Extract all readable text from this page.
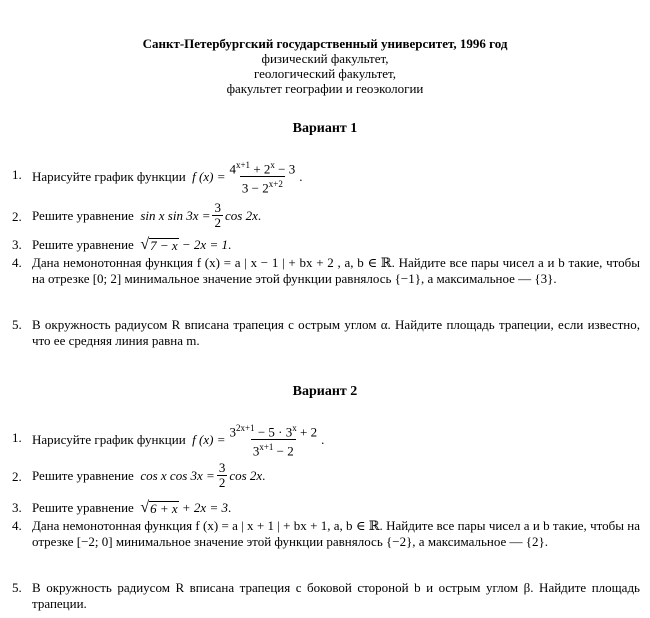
Санкт-Петербургский государственный университет, 1996 год
физический факультет,
геологический факультет,
факультет географии и геоэкологии
Вариант 1
1. Нарисуйте график функции
f $(x) = \frac{4^{x+1} + 2^x - 3}{3 - 2^{x+2}}$ .
2. Решите уравнение
sin x $\sin 3x = \frac{3}{2}$ cos 2x .
3. Решите уравнение
√ 7 − x
− 2x = 1 .
4. Дана немонотонная функция f (x) = a | x − 1 | + bx + 2 , a, b ∈ ℝ. Найдите все пары чисел a и b такие, чтобы на отрезке [0; 2] минимальное значение этой функции равнялось {−1}, а максимальное — {3}.
5. В окружность радиусом R вписана трапеция с острым углом α. Найдите площадь трапеции, если известно, что ее средняя линия равна m.
Вариант 2
1. Нарисуйте график функции
f $(x) = \frac{3^{2x+1} - 5 \cdot 3^x + 2}{3^{x+1} - 2}$ .
2. Решите уравнение
cos x $\cos 3x = \frac{3}{2}$ cos 2x .
3. Решите уравнение
√ 6 + x
+ 2x = 3 .
4. Дана немонотонная функция f (x) = a | x + 1 | + bx + 1, a, b ∈ ℝ. Найдите все пары чисел a и b такие, чтобы на отрезке [−2; 0] минимальное значение этой функции равнялось {−2}, а максимальное — {2}.
5. В окружность радиусом R вписана трапеция с боковой стороной b и острым углом β. Найдите площадь трапеции.
